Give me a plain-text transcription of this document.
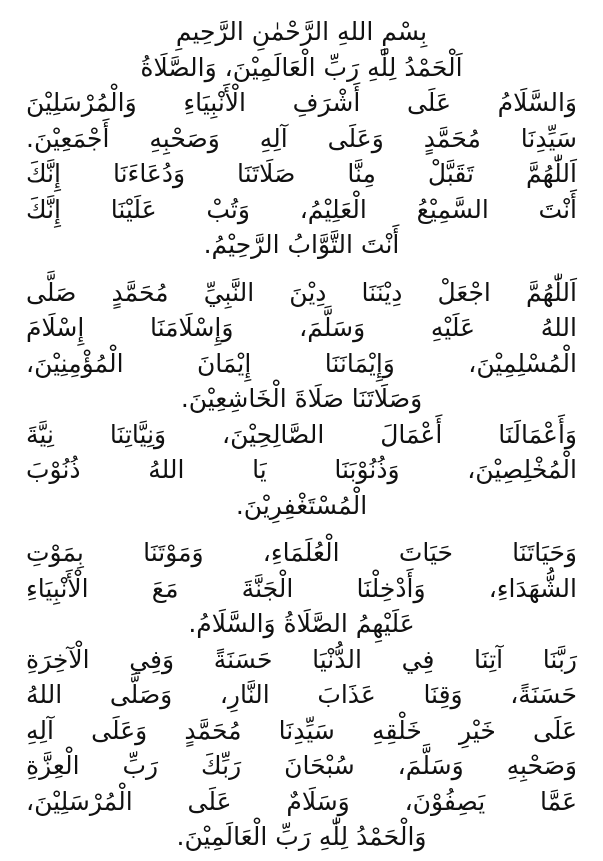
بِسْمِ اللهِ الرَّحْمٰنِ الرَّحِيمِ
اَلْحَمْدُ لِلّٰهِ رَبِّ الْعَالَمِيْنَ، وَالصَّلَاةُ
وَالسَّلَامُ عَلَى أَشْرَفِ الْأَنْبِيَاءِ وَالْمُرْسَلِيْنَ
سَيِّدِنَا مُحَمَّدٍ وَعَلَى آلِهِ وَصَحْبِهِ أَجْمَعِيْنَ.
اَللّٰهُمَّ تَقَبَّلْ مِنَّا صَلَاتَنَا وَدُعَاءَنَا إِنَّكَ
أَنْتَ السَّمِيْعُ الْعَلِيْمُ، وَتُبْ عَلَيْنَا إِنَّكَ
أَنْتَ التَّوَّابُ الرَّحِيْمُ.
اَللّٰهُمَّ اجْعَلْ دِيْنَنَا دِيْنَ النَّبِيِّ مُحَمَّدٍ صَلَّى
اللهُ عَلَيْهِ وَسَلَّمَ، وَإِسْلَامَنَا إِسْلَامَ
الْمُسْلِمِيْنَ، وَإِيْمَانَنَا إِيْمَانَ الْمُؤْمِنِيْنَ،
وَصَلَاتَنَا صَلَاةَ الْخَاشِعِيْنَ.
وَأَعْمَالَنَا أَعْمَالَ الصَّالِحِيْنَ، وَنِيَّاتِنَا نِيَّةَ
الْمُخْلِصِيْنَ، وَذُنُوْبَنَا يَا اللهُ ذُنُوْبَ
الْمُسْتَغْفِرِيْنَ.
وَحَيَاتَنَا حَيَاتَ الْعُلَمَاءِ، وَمَوْتَنَا بِمَوْتِ
الشُّهَدَاءِ، وَأَدْخِلْنَا الْجَنَّةَ مَعَ الْأَنْبِيَاءِ
عَلَيْهِمُ الصَّلَاةُ وَالسَّلَامُ.
رَبَّنَا آتِنَا فِي الدُّنْيَا حَسَنَةً وَفِي الْآخِرَةِ
حَسَنَةً، وَقِنَا عَذَابَ النَّارِ، وَصَلَّى اللهُ
عَلَى خَيْرِ خَلْقِهِ سَيِّدِنَا مُحَمَّدٍ وَعَلَى آلِهِ
وَصَحْبِهِ وَسَلَّمَ، سُبْحَانَ رَبِّكَ رَبِّ الْعِزَّةِ
عَمَّا يَصِفُوْنَ، وَسَلَامٌ عَلَى الْمُرْسَلِيْنَ،
وَالْحَمْدُ لِلّٰهِ رَبِّ الْعَالَمِيْنَ.
